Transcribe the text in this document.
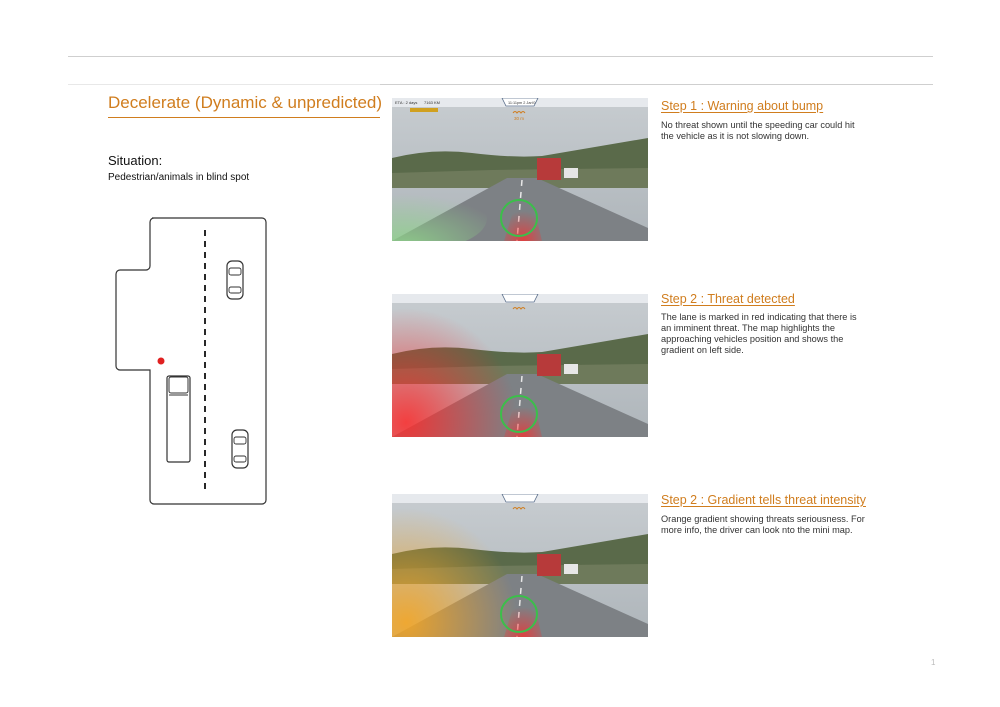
Decelerate (Dynamic & unpredicted)
Situation:
Pedestrian/animals in blind spot
ETA : 2 days 7163 KM	11:11pm 2 Jan'0
30 m
Step 1 : Warning about bump
No threat shown until the speeding car could hit the vehicle as it is not slowing down.
Step 2 : Threat detected
The lane is marked in red indicating that there is an imminent threat. The map highlights the approaching vehicles position and shows the gradient on left side.
Step 2 : Gradient tells threat intensity
Orange gradient showing threats seriousness. For more info, the driver can look nto the mini map.
1
